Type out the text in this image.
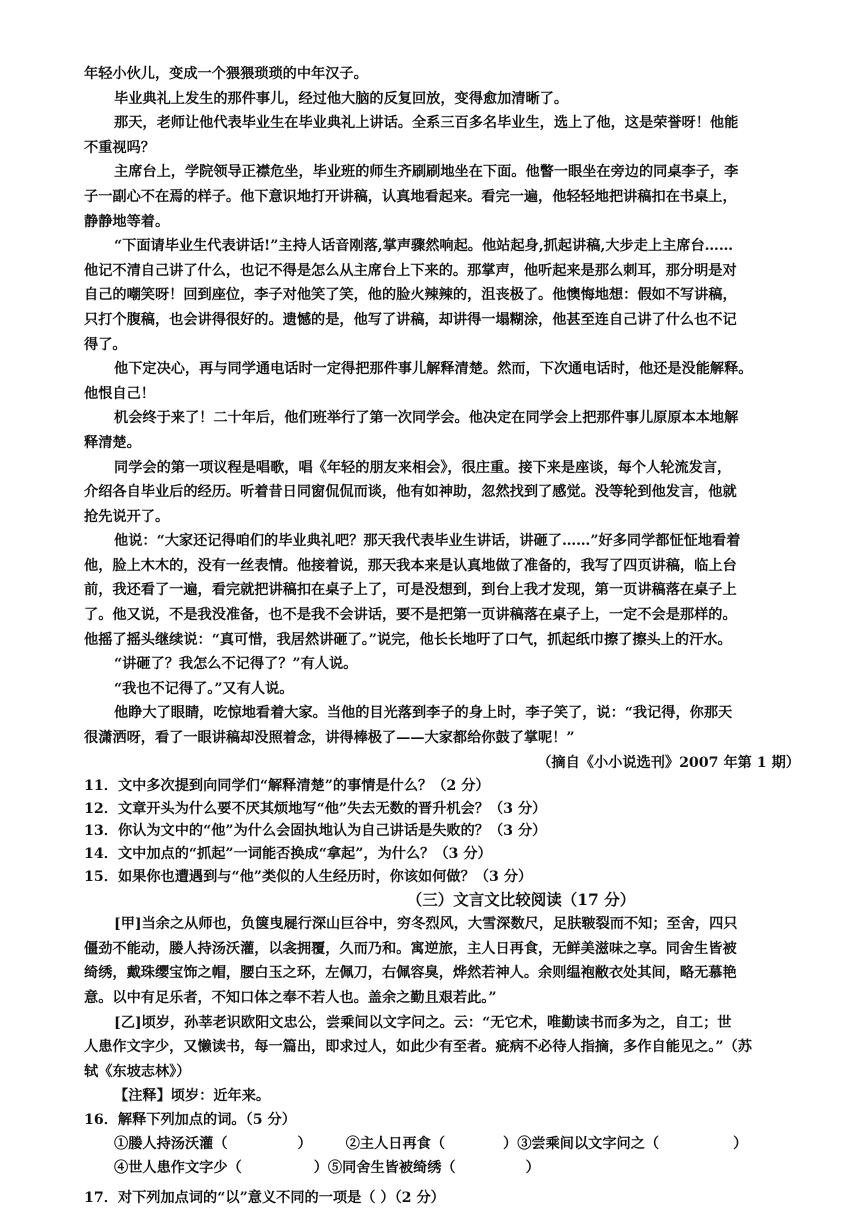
年轻小伙儿，变成一个猥猥琐琐的中年汉子。
毕业典礼上发生的那件事儿，经过他大脑的反复回放，变得愈加清晰了。
那天，老师让他代表毕业生在毕业典礼上讲话。全系三百多名毕业生，选上了他，这是荣誉呀！他能
不重视吗？
主席台上，学院领导正襟危坐，毕业班的师生齐刷刷地坐在下面。他瞥一眼坐在旁边的同桌李子，李
子一副心不在焉的样子。他下意识地打开讲稿，认真地看起来。看完一遍，他轻轻地把讲稿扣在书桌上，
静静地等着。
“下面请毕业生代表讲话!”主持人话音刚落,掌声骤然响起。他站起身,抓起讲稿,大步走上主席台……
他记不清自己讲了什么，也记不得是怎么从主席台上下来的。那掌声，他听起来是那么刺耳，那分明是对
自己的嘲笑呀！回到座位，李子对他笑了笑，他的脸火辣辣的，沮丧极了。他懊悔地想：假如不写讲稿，
只打个腹稿，也会讲得很好的。遗憾的是，他写了讲稿，却讲得一塌糊涂，他甚至连自己讲了什么也不记
得了。
他下定决心，再与同学通电话时一定得把那件事儿解释清楚。然而，下次通电话时，他还是没能解释。
他恨自己！
机会终于来了！二十年后，他们班举行了第一次同学会。他决定在同学会上把那件事儿原原本本地解
释清楚。
同学会的第一项议程是唱歌，唱《年轻的朋友来相会》，很庄重。接下来是座谈，每个人轮流发言，
介绍各自毕业后的经历。听着昔日同窗侃侃而谈，他有如神助，忽然找到了感觉。没等轮到他发言，他就
抢先说开了。
他说：“大家还记得咱们的毕业典礼吧？那天我代表毕业生讲话，讲砸了……”好多同学都怔怔地看着
他，脸上木木的，没有一丝表情。他接着说，那天我本来是认真地做了准备的，我写了四页讲稿，临上台
前，我还看了一遍，看完就把讲稿扣在桌子上了，可是没想到，到台上我才发现，第一页讲稿落在桌子上
了。他又说，不是我没准备，也不是我不会讲话，要不是把第一页讲稿落在桌子上，一定不会是那样的。
他摇了摇头继续说：“真可惜，我居然讲砸了。”说完，他长长地吁了口气，抓起纸巾擦了擦头上的汗水。
“讲砸了？我怎么不记得了？”有人说。
“我也不记得了。”又有人说。
他睁大了眼睛，吃惊地看着大家。当他的目光落到李子的身上时，李子笑了，说：“我记得，你那天
很潇洒呀，看了一眼讲稿却没照着念，讲得棒极了——大家都给你鼓了掌呢！”
（摘自《小小说选刊》2007 年第 1 期）
11．文中多次提到向同学们“解释清楚”的事情是什么？（2 分）
12．文章开头为什么要不厌其烦地写“他”失去无数的晋升机会？（3 分）
13．你认为文中的“他”为什么会固执地认为自己讲话是失败的？（3 分）
14．文中加点的“抓起”一词能否换成“拿起”，为什么？（3 分）
15．如果你也遭遇到与“他”类似的人生经历时，你该如何做？（3 分）
（三）文言文比较阅读（17 分）
[甲]当余之从师也，负箧曳屣行深山巨谷中，穷冬烈风，大雪深数尺，足肤皲裂而不知；至舍，四只
僵劲不能动，媵人持汤沃灌，以衾拥覆，久而乃和。寓逆旅，主人日再食，无鲜美滋味之享。同舍生皆被
绮绣，戴珠缨宝饰之帽，腰白玉之环，左佩刀，右佩容臭，烨然若神人。余则缊袍敝衣处其间，略无慕艳
意。以中有足乐者，不知口体之奉不若人也。盖余之勤且艰若此。”
[乙]顷岁，孙莘老识欧阳文忠公，尝乘间以文字问之。云：“无它术，唯勤读书而多为之，自工；世
人患作文字少，又懒读书，每一篇出，即求过人，如此少有至者。疵病不必待人指摘，多作自能见之。”（苏
轼《东坡志林》）
【注释】顷岁：近年来。
16．解释下列加点的词。（5 分）
①媵人持汤沃灌（	） ②主人日再食（	）③尝乘间以文字问之（	）
④世人患作文字少（	）⑤同舍生皆被绮绣（	）
17．对下列加点词的“以”意义不同的一项是（ ）（2 分）
